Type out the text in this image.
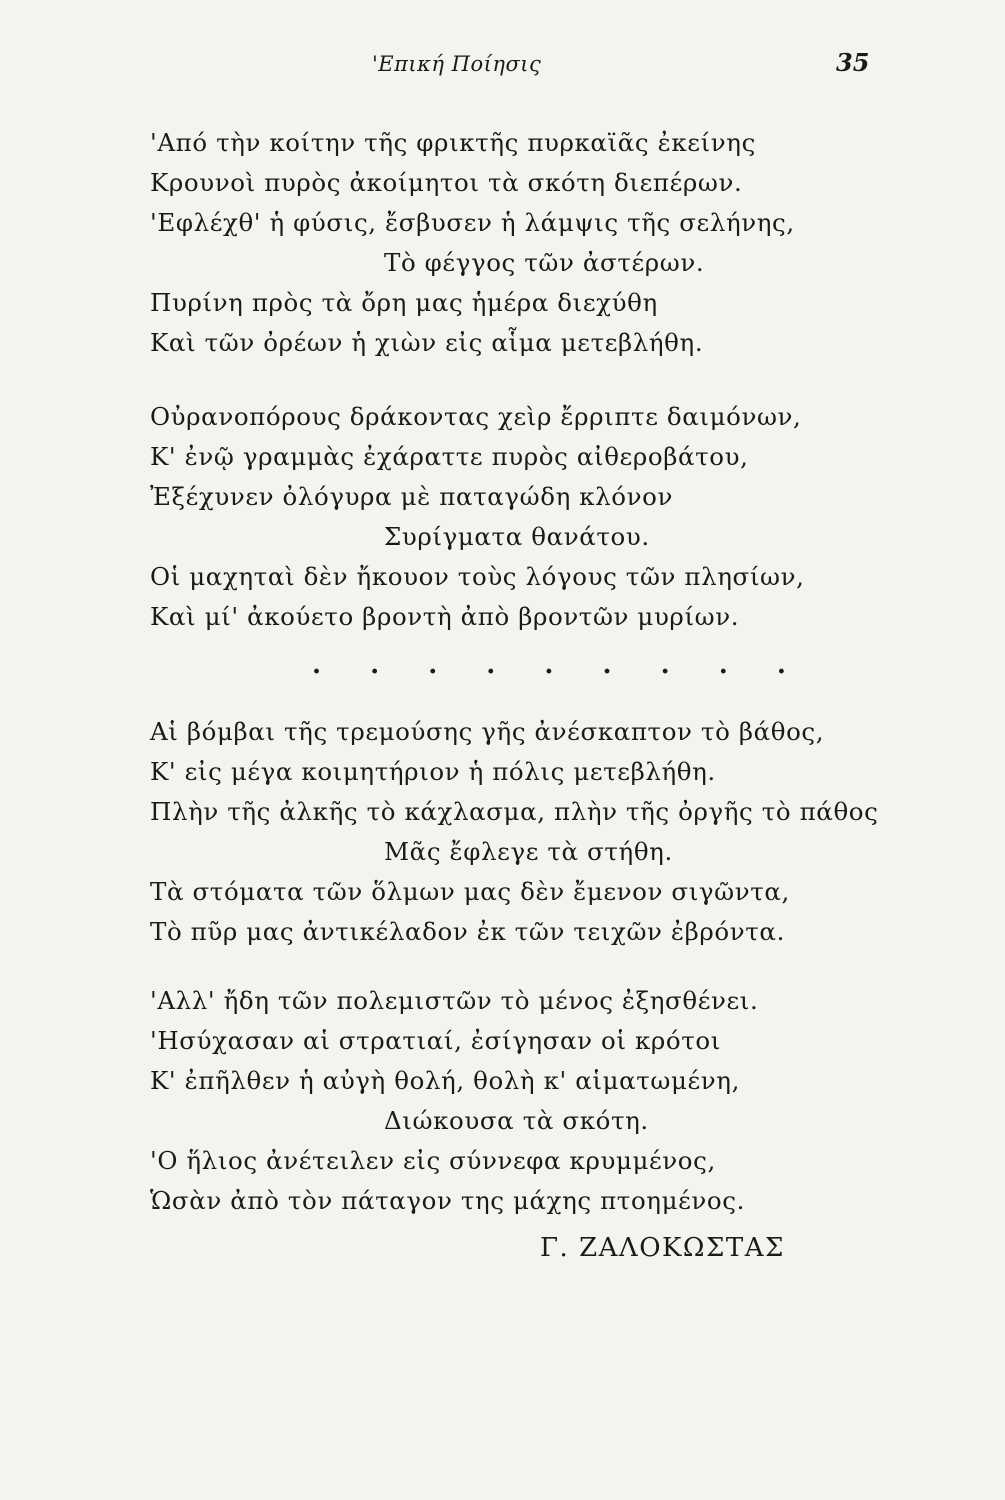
'Επική Ποίησις	35
'Από τὴν κοίτην τῆς φρικτῆς πυρκαϊᾶς ἐκείνης
Κρουνοὶ πυρὸς ἀκοίμητοι τὰ σκότη διεπέρων.
'Εφλέχθ' ἡ φύσις, ἔσβυσεν ἡ λάμψις τῆς σελήνης,
Τὸ φέγγος τῶν ἀστέρων.
Πυρίνη πρὸς τὰ ὄρη μας ἡμέρα διεχύθη
Καὶ τῶν ὀρέων ἡ χιὼν εἰς αἷμα μετεβλήθη.
Οὐρανοπόρους δράκοντας χεὶρ ἔρριπτε δαιμόνων,
Κ' ἐνῷ γραμμὰς ἐχάραττε πυρὸς αἰθεροβάτου,
Ἐξέχυνεν ὀλόγυρα μὲ παταγώδη κλόνον
Συρίγματα θανάτου.
Οἱ μαχηταὶ δὲν ἤκουον τοὺς λόγους τῶν πλησίων,
Καὶ μί' ἀκούετο βροντὴ ἀπὸ βροντῶν μυρίων.
. . . . . . . . .
Αἱ βόμβαι τῆς τρεμούσης γῆς ἀνέσκαπτον τὸ βάθος,
Κ' εἰς μέγα κοιμητήριον ἡ πόλις μετεβλήθη.
Πλὴν τῆς ἀλκῆς τὸ κάχλασμα, πλὴν τῆς ὀργῆς τὸ πάθος
Μᾶς ἔφλεγε τὰ στήθη.
Τὰ στόματα τῶν ὅλμων μας δὲν ἔμενον σιγῶντα,
Τὸ πῦρ μας ἀντικέλαδον ἐκ τῶν τειχῶν ἐβρόντα.
'Αλλ' ἤδη τῶν πολεμιστῶν τὸ μένος ἐξησθένει.
'Ησύχασαν αἱ στρατιαί, ἐσίγησαν οἱ κρότοι
Κ' ἐπῆλθεν ἡ αὐγὴ θολή, θολὴ κ' αἱματωμένη,
Διώκουσα τὰ σκότη.
'Ο ἥλιος ἀνέτειλεν εἰς σύννεφα κρυμμένος,
Ὡσὰν ἀπὸ τὸν πάταγον της μάχης πτοημένος.
Γ. ΖΑΛΟΚΩΣΤΑΣ
